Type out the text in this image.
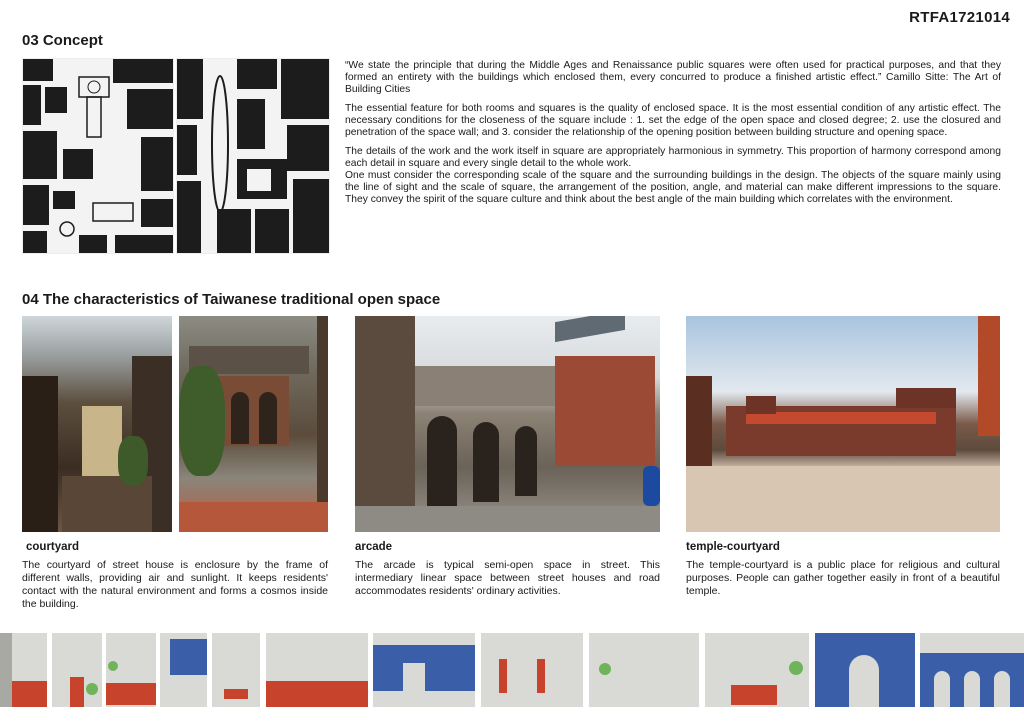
RTFA1721014
03 Concept

“We state the principle that during the Middle Ages and Renaissance public squares were often used for practical purposes, and that they formed an entirety with the buildings which enclosed them, every concurred to produce a finished artistic effect.” Camillo Sitte: The Art of Building Cities

The essential feature for both rooms and squares is the quality of enclosed space. It is the most essential condition of any artistic effect. The necessary conditions for the closeness of the square include : 1. set the edge of the open space and closed degree; 2. use the closured and penetration of the space wall; and 3. consider the relationship of the opening position between building structure and opening space.

The details of the work and the work itself in square are appropriately harmonious in symmetry. This proportion of harmony correspond among each detail in square and every single detail to the whole work.

One must consider the corresponding scale of the square and the surrounding buildings in the design. The objects of the square mainly using the line of sight and the scale of square, the arrangement of the position, angle, and material can make different impressions to the square. They convey the spirit of the square culture and think about the best angle of the main building which correlates with the environment.

04 The characteristics of Taiwanese traditional open space
courtyard
The courtyard of street house is enclosure by the frame of different walls, providing air and sunlight. It keeps residents' contact with the natural environment and forms a cosmos inside the building.
arcade
The arcade is typical semi-open space in street. This intermediary linear space between street houses and road accommodates residents' ordinary activities.
temple-courtyard
The temple-courtyard is a public place for religious and cultural purposes. People can gather together easily in front of a beautiful temple.
